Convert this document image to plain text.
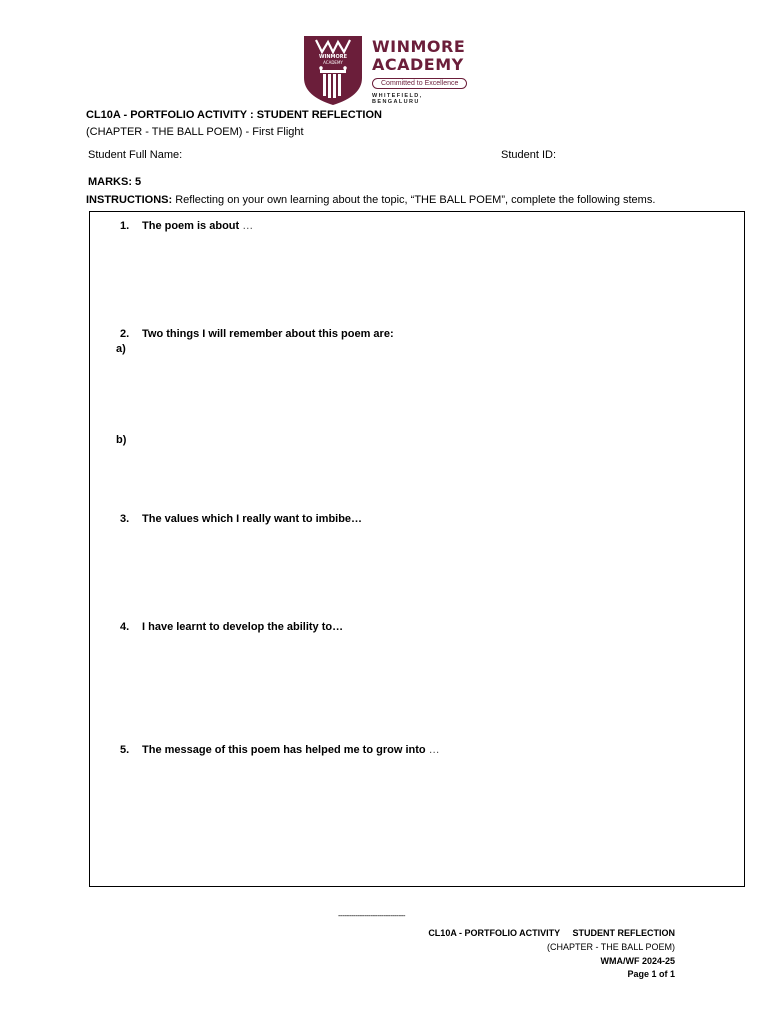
WINMORE
ACADEMY
WINMORE
ACADEMY
Committed to Excellence
WHITEFIELD, BENGALURU
CL10A - PORTFOLIO ACTIVITY : STUDENT REFLECTION
(CHAPTER - THE BALL POEM) - First Flight
Student Full Name:	Student ID:
MARKS: 5
INSTRUCTIONS: Reflecting on your own learning about the topic, “THE BALL POEM”, complete the following stems.
1. The poem is about …
2. Two things I will remember about this poem are:
a)
b)
3. The values which I really want to imbibe…
4. I have learnt to develop the ability to…
5. The message of this poem has helped me to grow into …
-------------------------------
CL10A - PORTFOLIO ACTIVITY     STUDENT REFLECTION
(CHAPTER - THE BALL POEM)
WMA/WF 2024-25
Page 1 of 1
